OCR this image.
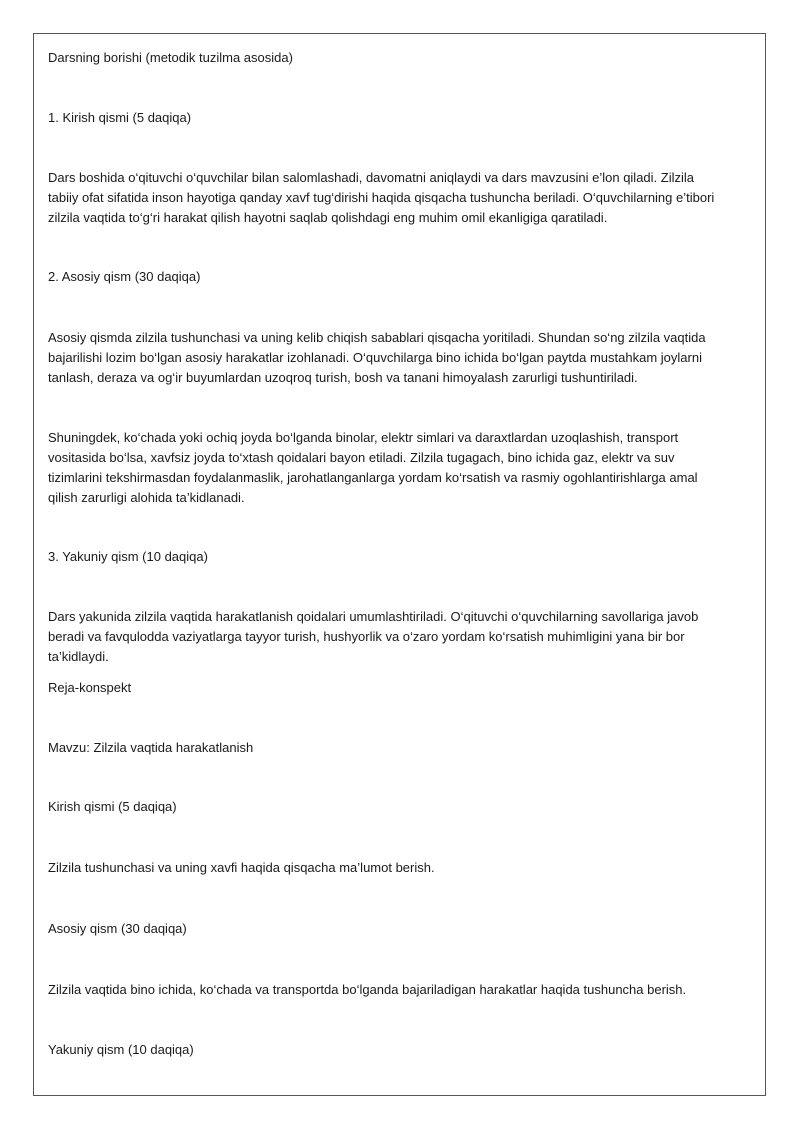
Darsning borishi (metodik tuzilma asosida)
1. Kirish qismi (5 daqiqa)
Dars boshida o‘qituvchi o‘quvchilar bilan salomlashadi, davomatni aniqlaydi va dars mavzusini e’lon qiladi. Zilzila
tabiiy ofat sifatida inson hayotiga qanday xavf tug‘dirishi haqida qisqacha tushuncha beriladi. O‘quvchilarning e’tibori
zilzila vaqtida to‘g‘ri harakat qilish hayotni saqlab qolishdagi eng muhim omil ekanligiga qaratiladi.
2. Asosiy qism (30 daqiqa)
Asosiy qismda zilzila tushunchasi va uning kelib chiqish sabablari qisqacha yoritiladi. Shundan so‘ng zilzila vaqtida
bajarilishi lozim bo‘lgan asosiy harakatlar izohlanadi. O‘quvchilarga bino ichida bo‘lgan paytda mustahkam joylarni
tanlash, deraza va og‘ir buyumlardan uzoqroq turish, bosh va tanani himoyalash zarurligi tushuntiriladi.
Shuningdek, ko‘chada yoki ochiq joyda bo‘lganda binolar, elektr simlari va daraxtlardan uzoqlashish, transport
vositasida bo‘lsa, xavfsiz joyda to‘xtash qoidalari bayon etiladi. Zilzila tugagach, bino ichida gaz, elektr va suv
tizimlarini tekshirmasdan foydalanmaslik, jarohatlanganlarga yordam ko‘rsatish va rasmiy ogohlantirishlarga amal
qilish zarurligi alohida ta’kidlanadi.
3. Yakuniy qism (10 daqiqa)
Dars yakunida zilzila vaqtida harakatlanish qoidalari umumlashtiriladi. O‘qituvchi o‘quvchilarning savollariga javob
beradi va favqulodda vaziyatlarga tayyor turish, hushyorlik va o‘zaro yordam ko‘rsatish muhimligini yana bir bor
ta’kidlaydi.
Reja-konspekt
Mavzu: Zilzila vaqtida harakatlanish
Kirish qismi (5 daqiqa)
Zilzila tushunchasi va uning xavfi haqida qisqacha ma’lumot berish.
Asosiy qism (30 daqiqa)
Zilzila vaqtida bino ichida, ko‘chada va transportda bo‘lganda bajariladigan harakatlar haqida tushuncha berish.
Yakuniy qism (10 daqiqa)
